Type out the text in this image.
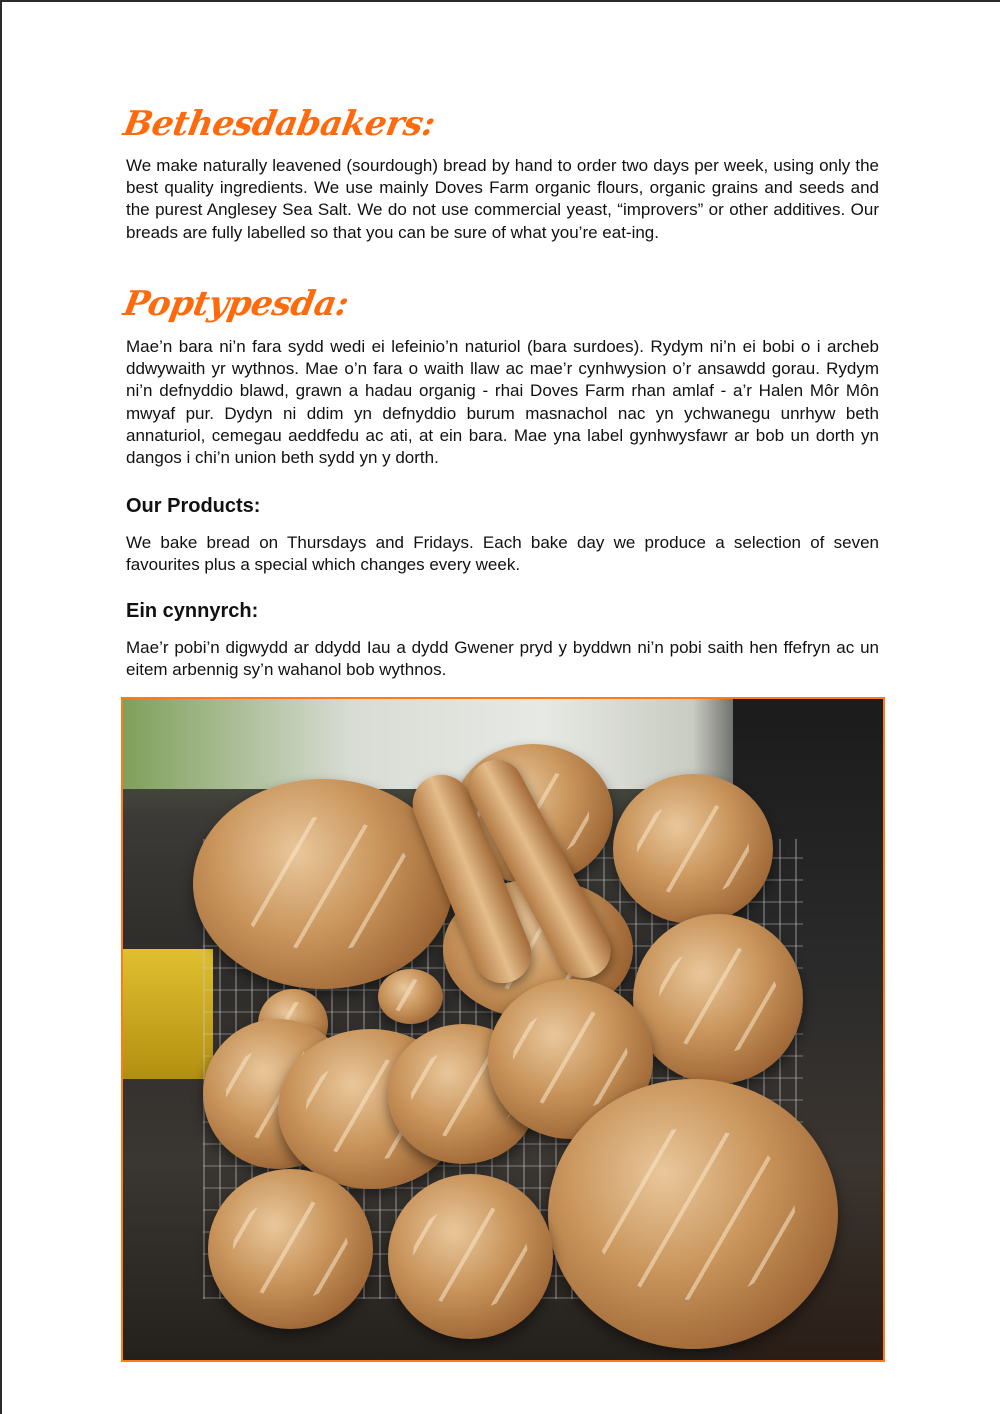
Bethesdabakers:

We make naturally leavened (sourdough) bread by hand to order two days per week, using only the best quality ingredients. We use mainly Doves Farm organic flours, organic grains and seeds and the purest Anglesey Sea Salt. We do not use commercial yeast, “improvers” or other additives. Our breads are fully labelled so that you can be sure of what you’re eat-ing.

Poptypesda:

Mae’n bara ni’n fara sydd wedi ei lefeinio’n naturiol (bara surdoes). Rydym ni’n ei bobi o i archeb ddwywaith yr wythnos. Mae o’n fara o waith llaw ac mae’r cynhwysion o’r ansawdd gorau. Rydym ni’n defnyddio blawd, grawn a hadau organig - rhai Doves Farm rhan amlaf - a’r Halen Môr Môn mwyaf pur. Dydyn ni ddim yn defnyddio burum masnachol nac yn ychwanegu unrhyw beth annaturiol, cemegau aeddfedu ac ati, at ein bara. Mae yna label gynhwysfawr ar bob un dorth yn dangos i chi’n union beth sydd yn y dorth.

Our Products:

We bake bread on Thursdays and Fridays. Each bake day we produce a selection of seven favourites plus a special which changes every week.

Ein cynnyrch:

Mae’r pobi’n digwydd ar ddydd Iau a dydd Gwener pryd y byddwn ni’n pobi saith hen ffefryn ac un eitem arbennig sy’n wahanol bob wythnos.
